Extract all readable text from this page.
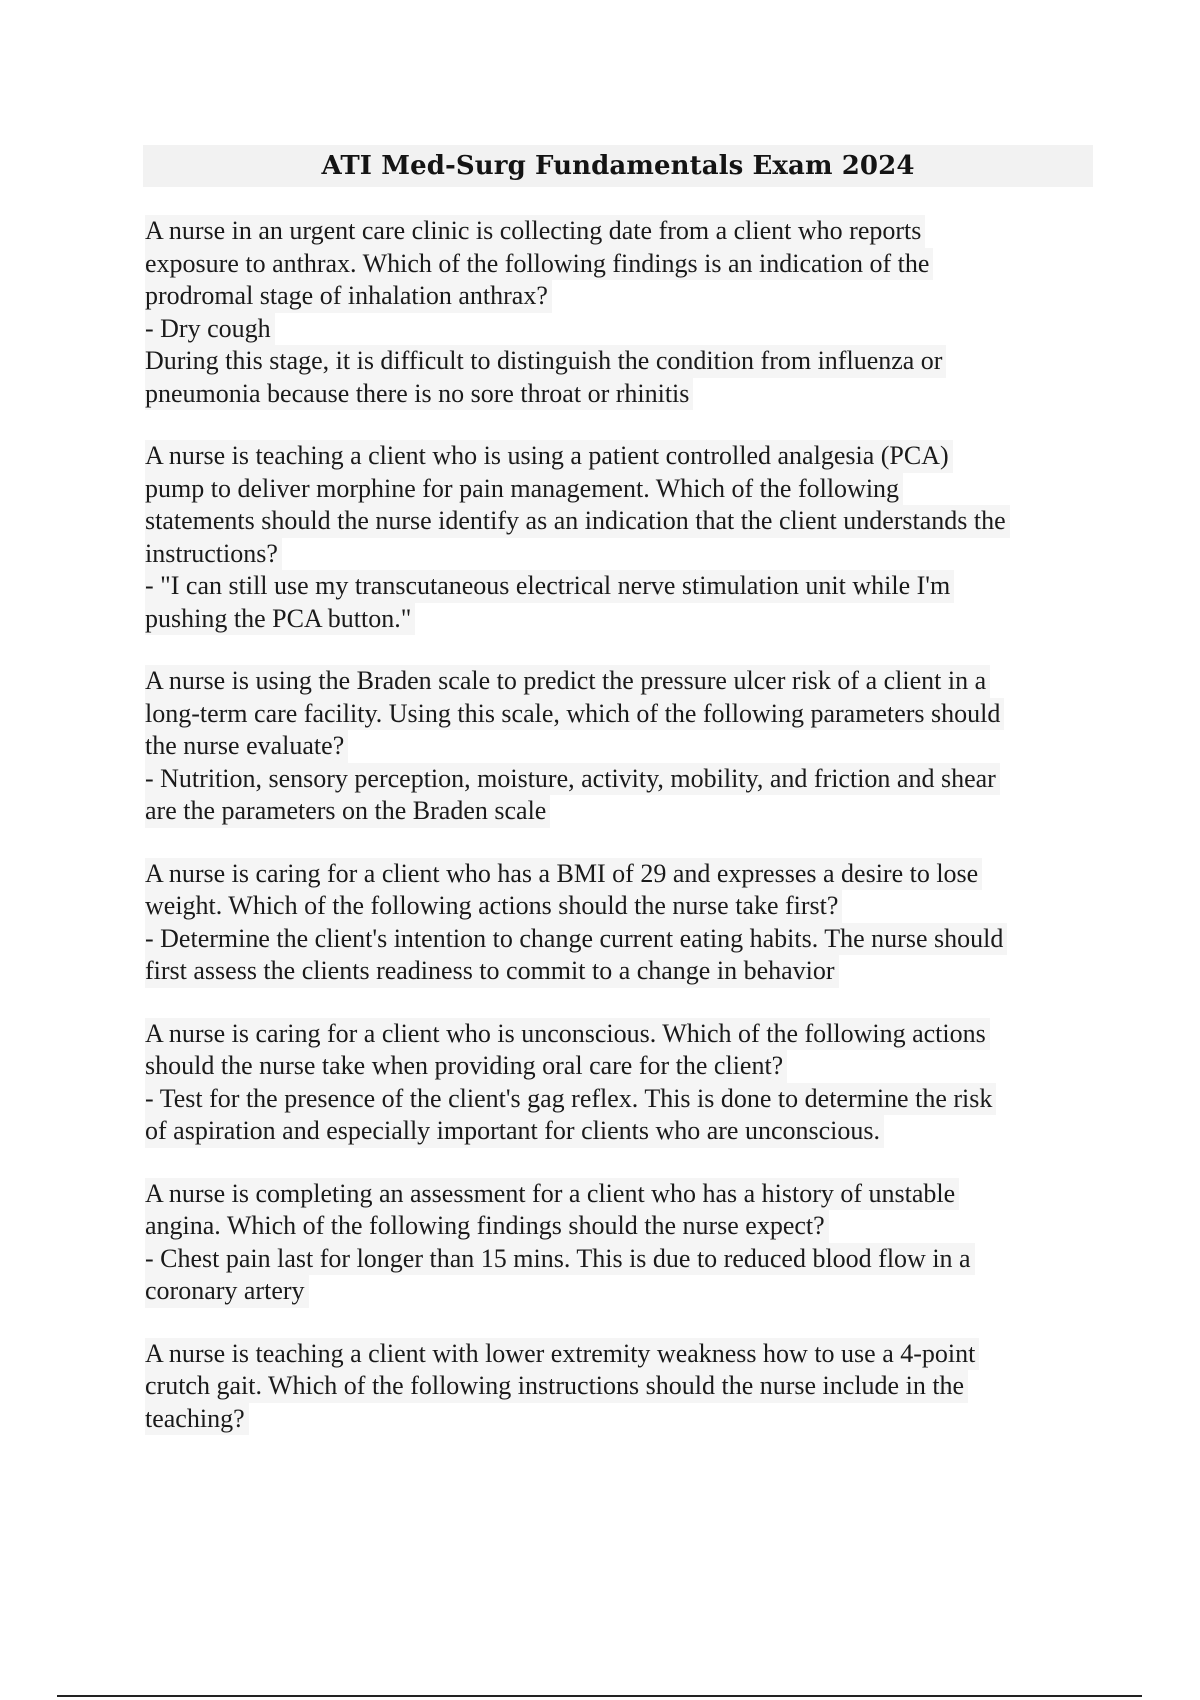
ATI Med-Surg Fundamentals Exam 2024
A nurse in an urgent care clinic is collecting date from a client who reports
exposure to anthrax. Which of the following findings is an indication of the
prodromal stage of inhalation anthrax?
- Dry cough
During this stage, it is difficult to distinguish the condition from influenza or
pneumonia because there is no sore throat or rhinitis
A nurse is teaching a client who is using a patient controlled analgesia (PCA)
pump to deliver morphine for pain management. Which of the following
statements should the nurse identify as an indication that the client understands the
instructions?
- "I can still use my transcutaneous electrical nerve stimulation unit while I'm
pushing the PCA button."
A nurse is using the Braden scale to predict the pressure ulcer risk of a client in a
long-term care facility. Using this scale, which of the following parameters should
the nurse evaluate?
- Nutrition, sensory perception, moisture, activity, mobility, and friction and shear
are the parameters on the Braden scale
A nurse is caring for a client who has a BMI of 29 and expresses a desire to lose
weight. Which of the following actions should the nurse take first?
- Determine the client's intention to change current eating habits. The nurse should
first assess the clients readiness to commit to a change in behavior
A nurse is caring for a client who is unconscious. Which of the following actions
should the nurse take when providing oral care for the client?
- Test for the presence of the client's gag reflex. This is done to determine the risk
of aspiration and especially important for clients who are unconscious.
A nurse is completing an assessment for a client who has a history of unstable
angina. Which of the following findings should the nurse expect?
- Chest pain last for longer than 15 mins. This is due to reduced blood flow in a
coronary artery
A nurse is teaching a client with lower extremity weakness how to use a 4-point
crutch gait. Which of the following instructions should the nurse include in the
teaching?
